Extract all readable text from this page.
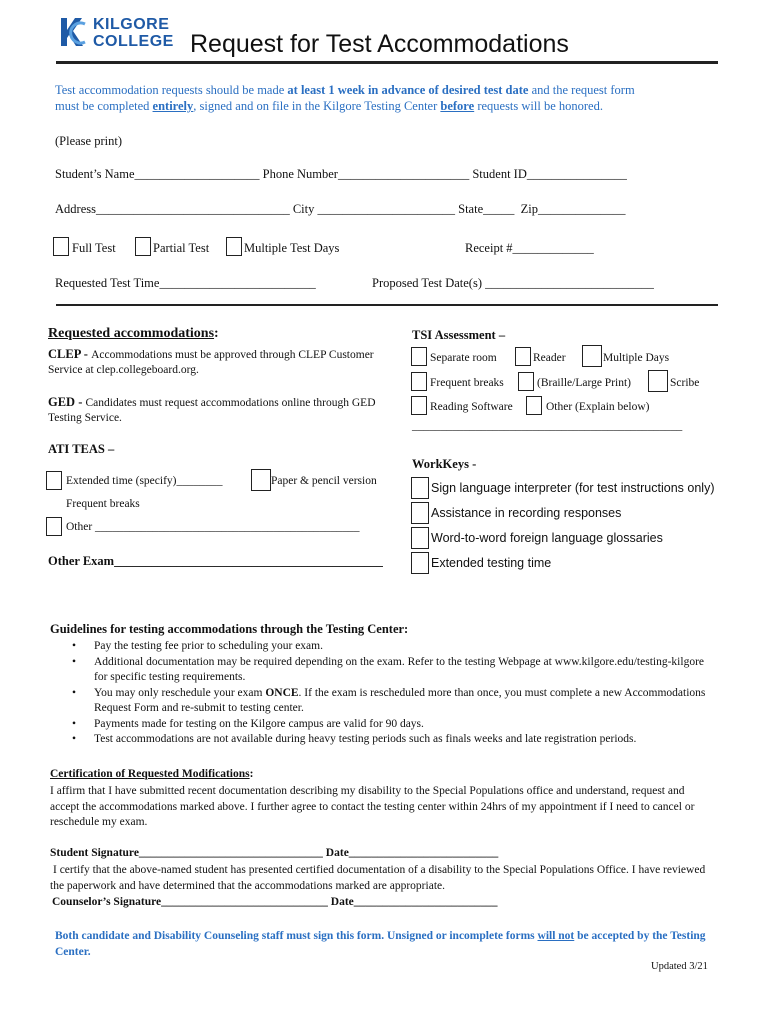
KILGORE
COLLEGE Request for Test Accommodations
Test accommodation requests should be made at least 1 week in advance of desired test date and the request form
must be completed entirely, signed and on file in the Kilgore Testing Center before requests will be honored.
(Please print)
Student’s Name____________________ Phone Number_____________________ Student ID________________
Address_______________________________ City ______________________ State_____  Zip______________
Full Test	Partial Test	Multiple Test Days	Receipt #_____________
Requested Test Time_________________________	Proposed Test Date(s) ___________________________
Requested accommodations:
CLEP - Accommodations must be approved through CLEP Customer
Service at clep.collegeboard.org.
GED - Candidates must request accommodations online through GED
Testing Service.
ATI TEAS –
Extended time (specify)________	Paper & pencil version
Frequent breaks
Other ______________________________________________
Other Exam___________________________________________
TSI Assessment –
Separate room	Reader	Multiple Days
Frequent breaks	(Braille/Large Print)	Scribe
Reading Software	Other (Explain below)
_______________________________________________
WorkKeys -
Sign language interpreter (for test instructions only)
Assistance in recording responses
Word-to-word foreign language glossaries
Extended testing time
Guidelines for testing accommodations through the Testing Center:
• Pay the testing fee prior to scheduling your exam.
• Additional documentation may be required depending on the exam. Refer to the testing Webpage at www.kilgore.edu/testing-kilgore for specific testing requirements.
• You may only reschedule your exam ONCE. If the exam is rescheduled more than once, you must complete a new Accommodations Request Form and re-submit to testing center.
• Payments made for testing on the Kilgore campus are valid for 90 days.
• Test accommodations are not available during heavy testing periods such as finals weeks and late registration periods.
Certification of Requested Modifications:
I affirm that I have submitted recent documentation describing my disability to the Special Populations office and understand, request and accept the accommodations marked above. I further agree to contact the testing center within 24hrs of my appointment if I need to cancel or reschedule my exam.
Student Signature________________________________ Date__________________________
I certify that the above-named student has presented certified documentation of a disability to the Special Populations Office. I have reviewed the paperwork and have determined that the accommodations marked are appropriate.
Counselor’s Signature_____________________________ Date_________________________
Both candidate and Disability Counseling staff must sign this form. Unsigned or incomplete forms will not be accepted by the Testing Center.
Updated 3/21
